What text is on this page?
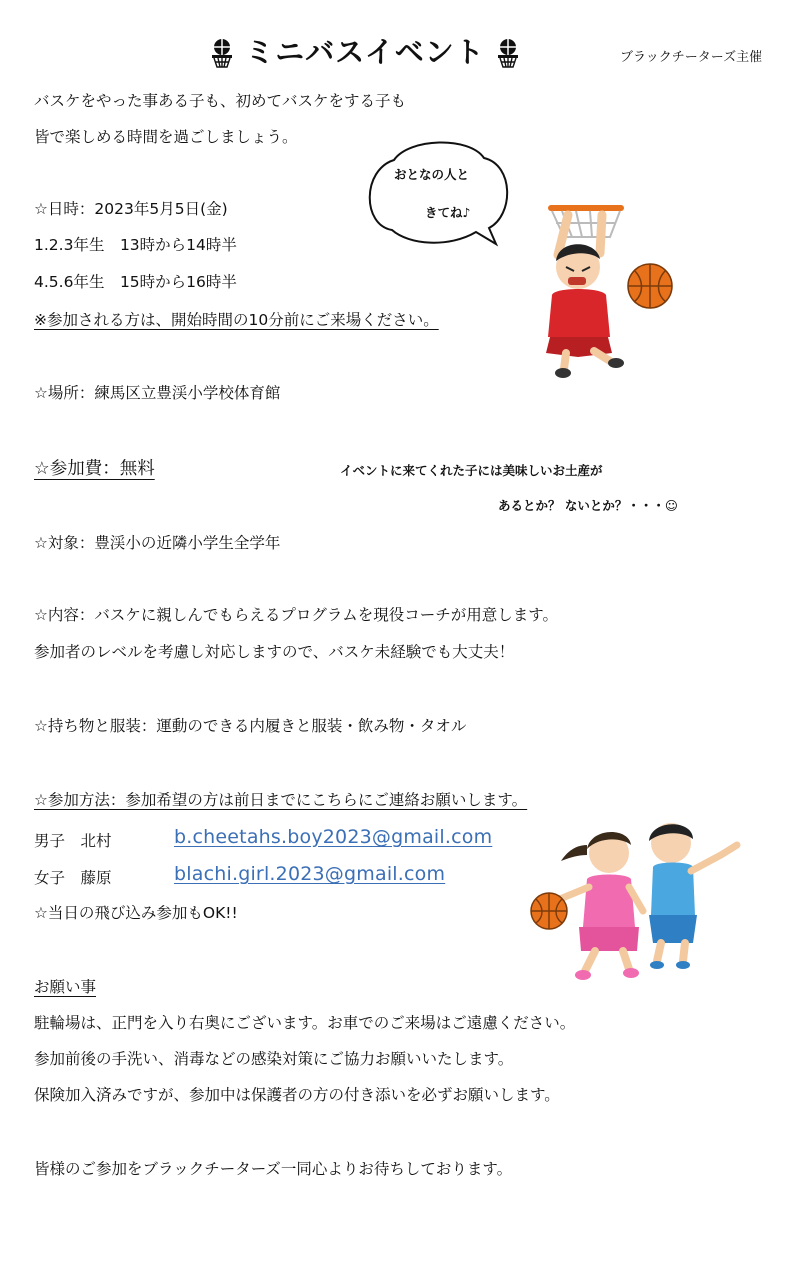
ミニバスイベント	ブラックチーターズ主催
バスケをやった事ある子も、初めてバスケをする子も
皆で楽しめる時間を過ごしましょう。
おとなの人と
きてね♪
☆日時：2023年5月5日(金)
1.2.3年生　13時から14時半
4.5.6年生　15時から16時半
※参加される方は、開始時間の10分前にご来場ください。
☆場所：練馬区立豊渓小学校体育館
☆参加費：無料	イベントに来てくれた子には美味しいお土産が
あるとか？ ないとか？・・・☺
☆対象：豊渓小の近隣小学生全学年
☆内容：バスケに親しんでもらえるプログラムを現役コーチが用意します。
参加者のレベルを考慮し対応しますので、バスケ未経験でも大丈夫！
☆持ち物と服装：運動のできる内履きと服装・飲み物・タオル
☆参加方法：参加希望の方は前日までにこちらにご連絡お願いします。
男子　北村	b.cheetahs.boy2023@gmail.com
女子　藤原	blachi.girl.2023@gmail.com
☆当日の飛び込み参加もOK!!
お願い事
駐輪場は、正門を入り右奥にございます。お車でのご来場はご遠慮ください。
参加前後の手洗い、消毒などの感染対策にご協力お願いいたします。
保険加入済みですが、参加中は保護者の方の付き添いを必ずお願いします。
皆様のご参加をブラックチーターズ一同心よりお待ちしております。
